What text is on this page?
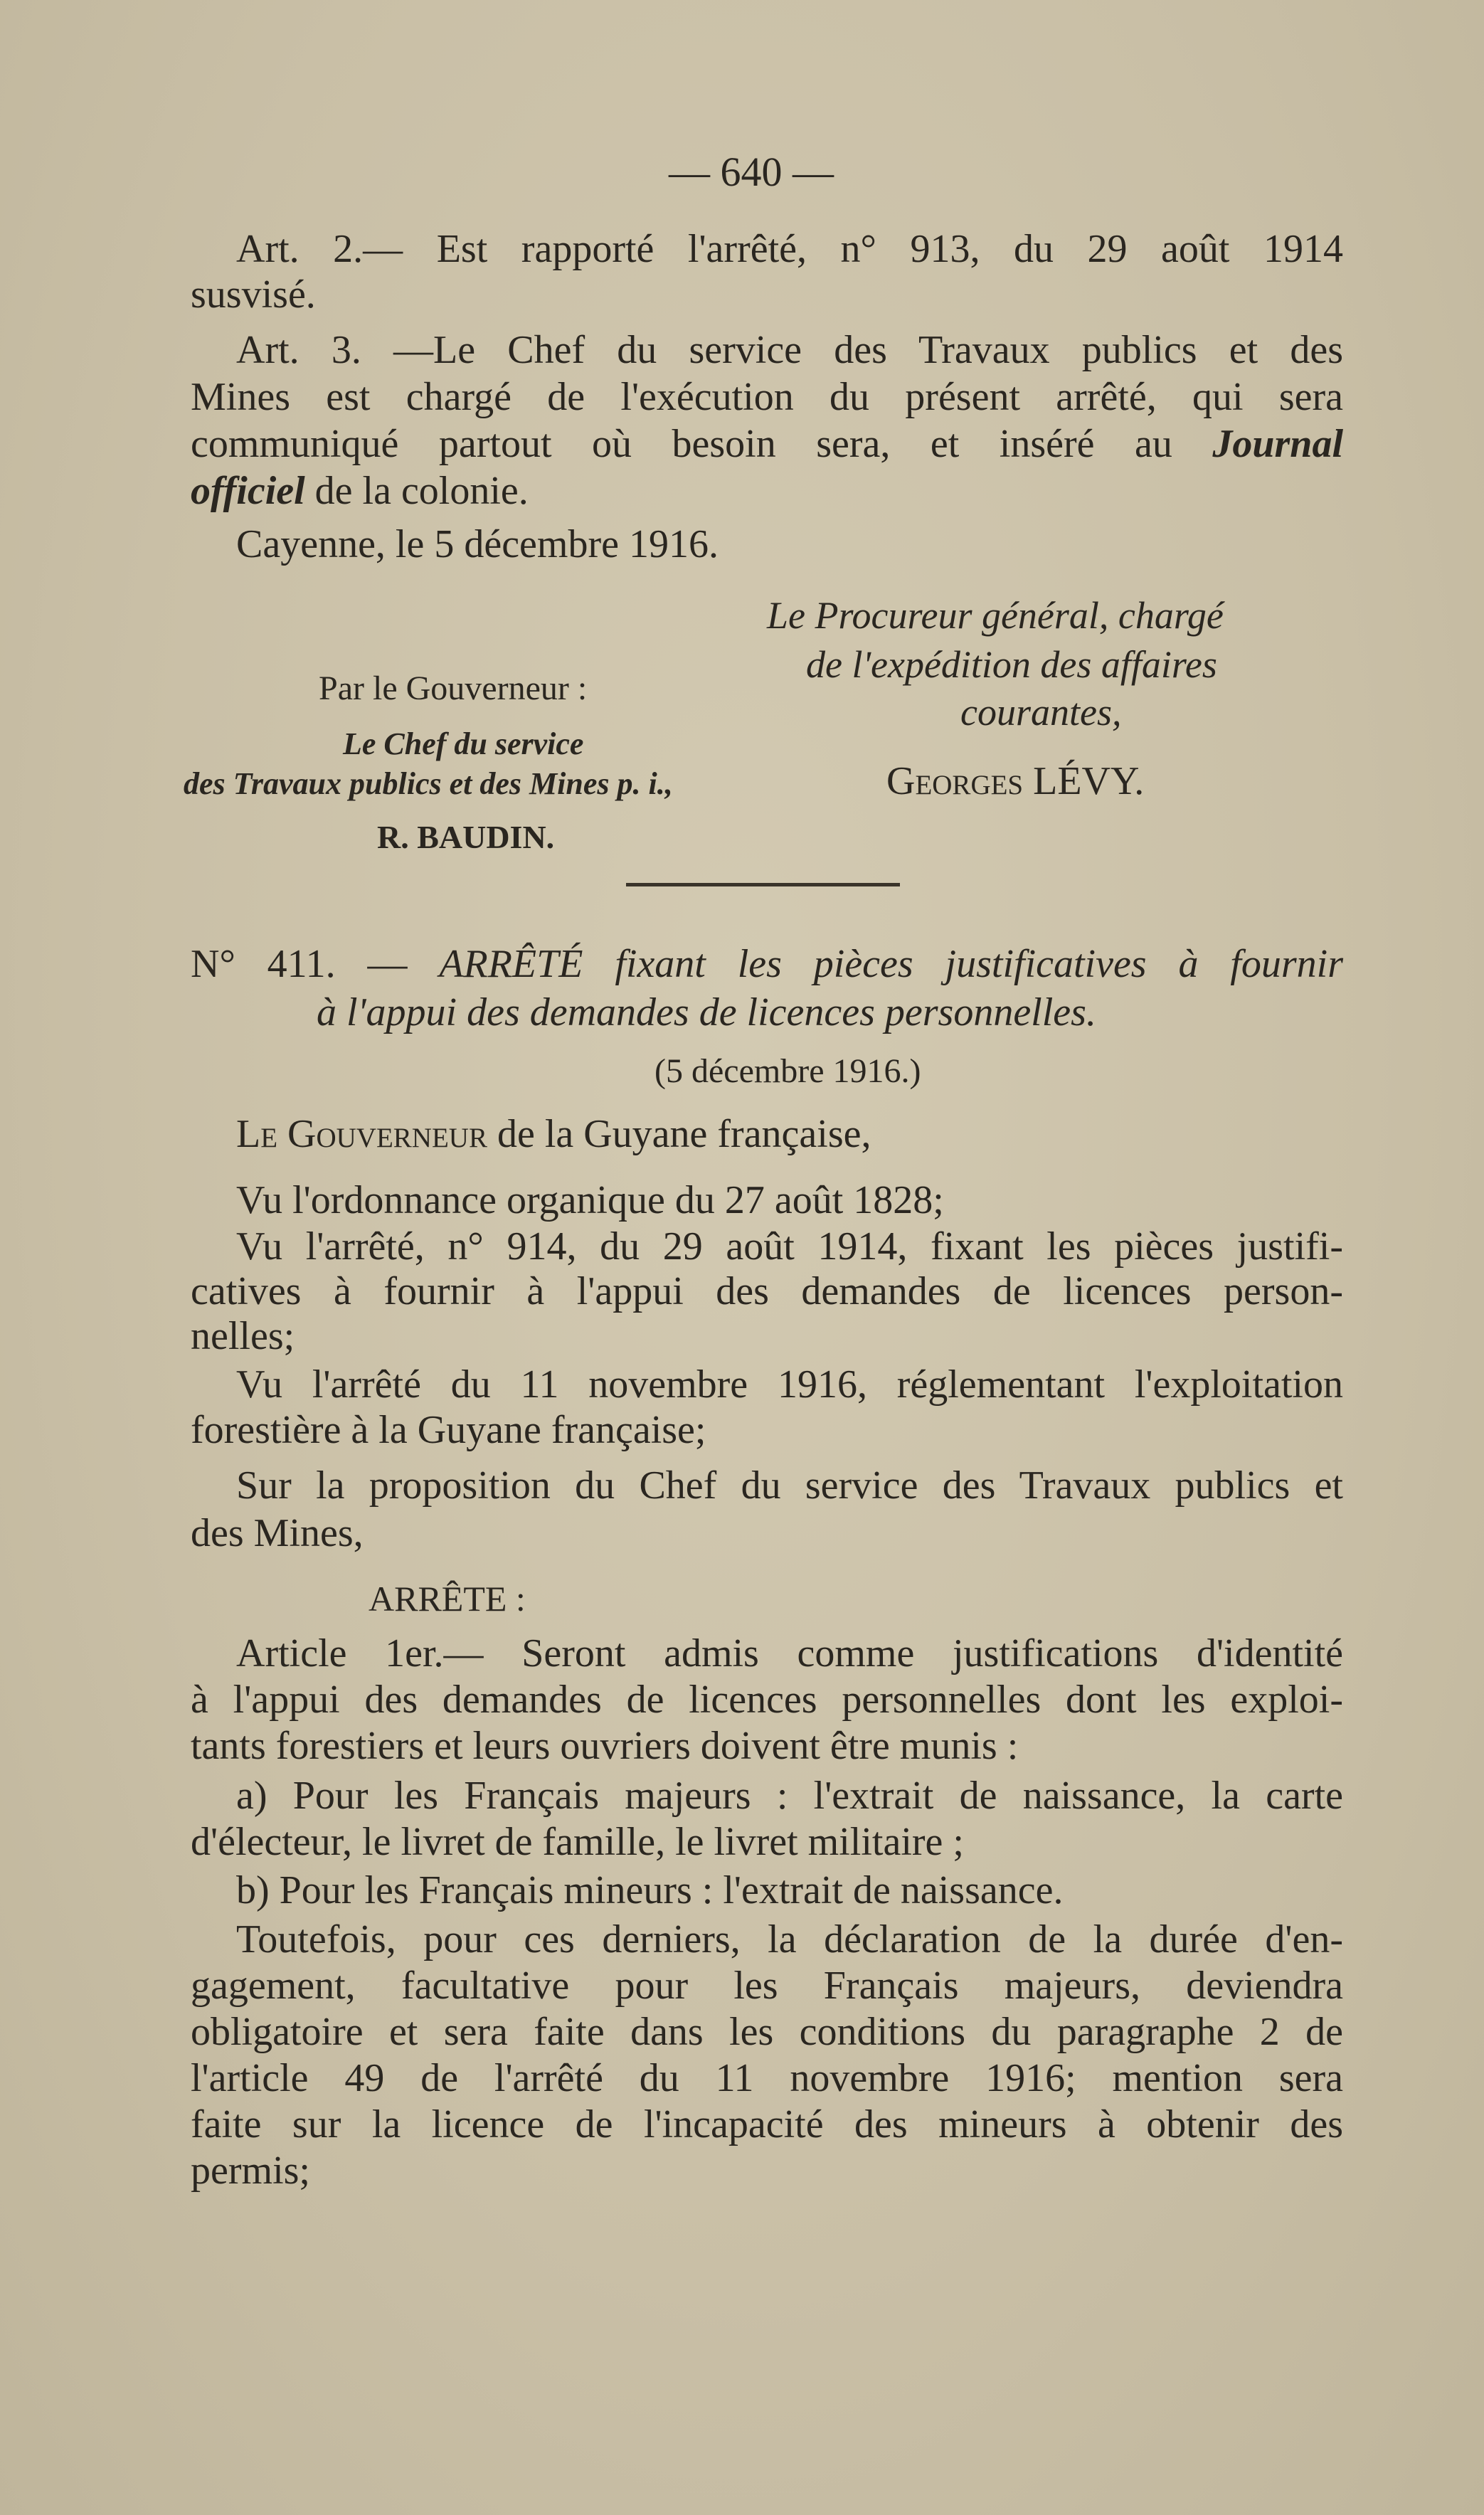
— 640 —
Art. 2.— Est rapporté l'arrêté, n° 913, du 29 août 1914
susvisé.
Art. 3. —Le Chef du service des Travaux publics et des
Mines est chargé de l'exécution du présent arrêté, qui sera
communiqué partout où besoin sera, et inséré au Journal
officiel de la colonie.
Cayenne, le 5 décembre 1916.
Par le Gouverneur :
Le Chef du service
des Travaux publics et des Mines p. i.,
R. BAUDIN.
Le Procureur général, chargé
de l'expédition des affaires
courantes,
Georges LÉVY.
N° 411. — ARRÊTÉ fixant les pièces justificatives à fournir
à l'appui des demandes de licences personnelles.
(5 décembre 1916.)
Le Gouverneur de la Guyane française,
Vu l'ordonnance organique du 27 août 1828;
Vu l'arrêté, n° 914, du 29 août 1914, fixant les pièces justifi-
catives à fournir à l'appui des demandes de licences person-
nelles;
Vu l'arrêté du 11 novembre 1916, réglementant l'exploitation
forestière à la Guyane française;
Sur la proposition du Chef du service des Travaux publics et
des Mines,
ARRÊTE :
Article 1er.— Seront admis comme justifications d'identité
à l'appui des demandes de licences personnelles dont les exploi-
tants forestiers et leurs ouvriers doivent être munis :
a) Pour les Français majeurs : l'extrait de naissance, la carte
d'électeur, le livret de famille, le livret militaire ;
b) Pour les Français mineurs : l'extrait de naissance.
Toutefois, pour ces derniers, la déclaration de la durée d'en-
gagement, facultative pour les Français majeurs, deviendra
obligatoire et sera faite dans les conditions du paragraphe 2 de
l'article 49 de l'arrêté du 11 novembre 1916; mention sera
faite sur la licence de l'incapacité des mineurs à obtenir des
permis;
